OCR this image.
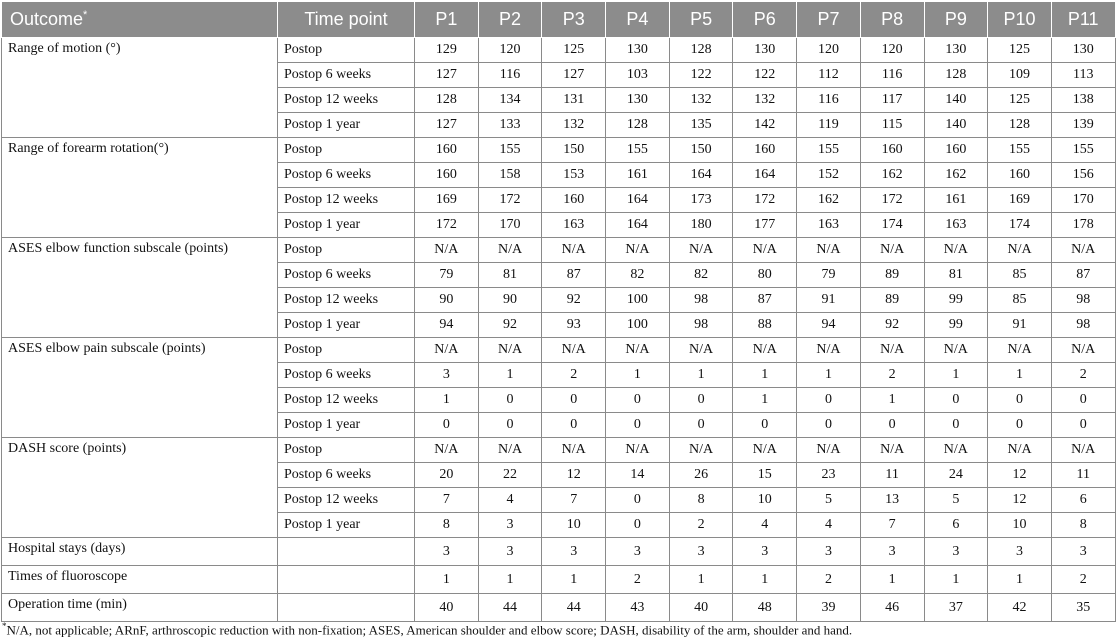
Outcome*	Time point	P1	P2	P3	P4	P5	P6	P7	P8	P9	P10	P11
Range of motion (°)	Postop	129	120	125	130	128	130	120	120	130	125	130
	Postop 6 weeks	127	116	127	103	122	122	112	116	128	109	113
	Postop 12 weeks	128	134	131	130	132	132	116	117	140	125	138
	Postop 1 year	127	133	132	128	135	142	119	115	140	128	139
Range of forearm rotation(°)	Postop	160	155	150	155	150	160	155	160	160	155	155
	Postop 6 weeks	160	158	153	161	164	164	152	162	162	160	156
	Postop 12 weeks	169	172	160	164	173	172	162	172	161	169	170
	Postop 1 year	172	170	163	164	180	177	163	174	163	174	178
ASES elbow function subscale (points)	Postop	N/A	N/A	N/A	N/A	N/A	N/A	N/A	N/A	N/A	N/A	N/A
	Postop 6 weeks	79	81	87	82	82	80	79	89	81	85	87
	Postop 12 weeks	90	90	92	100	98	87	91	89	99	85	98
	Postop 1 year	94	92	93	100	98	88	94	92	99	91	98
ASES elbow pain subscale (points)	Postop	N/A	N/A	N/A	N/A	N/A	N/A	N/A	N/A	N/A	N/A	N/A
	Postop 6 weeks	3	1	2	1	1	1	1	2	1	1	2
	Postop 12 weeks	1	0	0	0	0	1	0	1	0	0	0
	Postop 1 year	0	0	0	0	0	0	0	0	0	0	0
DASH score (points)	Postop	N/A	N/A	N/A	N/A	N/A	N/A	N/A	N/A	N/A	N/A	N/A
	Postop 6 weeks	20	22	12	14	26	15	23	11	24	12	11
	Postop 12 weeks	7	4	7	0	8	10	5	13	5	12	6
	Postop 1 year	8	3	10	0	2	4	4	7	6	10	8
Hospital stays (days)		3	3	3	3	3	3	3	3	3	3	3
Times of fluoroscope		1	1	1	2	1	1	2	1	1	1	2
Operation time (min)		40	44	44	43	40	48	39	46	37	42	35
*N/A, not applicable; ARnF, arthroscopic reduction with non-fixation; ASES, American shoulder and elbow score; DASH, disability of the arm, shoulder and hand.
